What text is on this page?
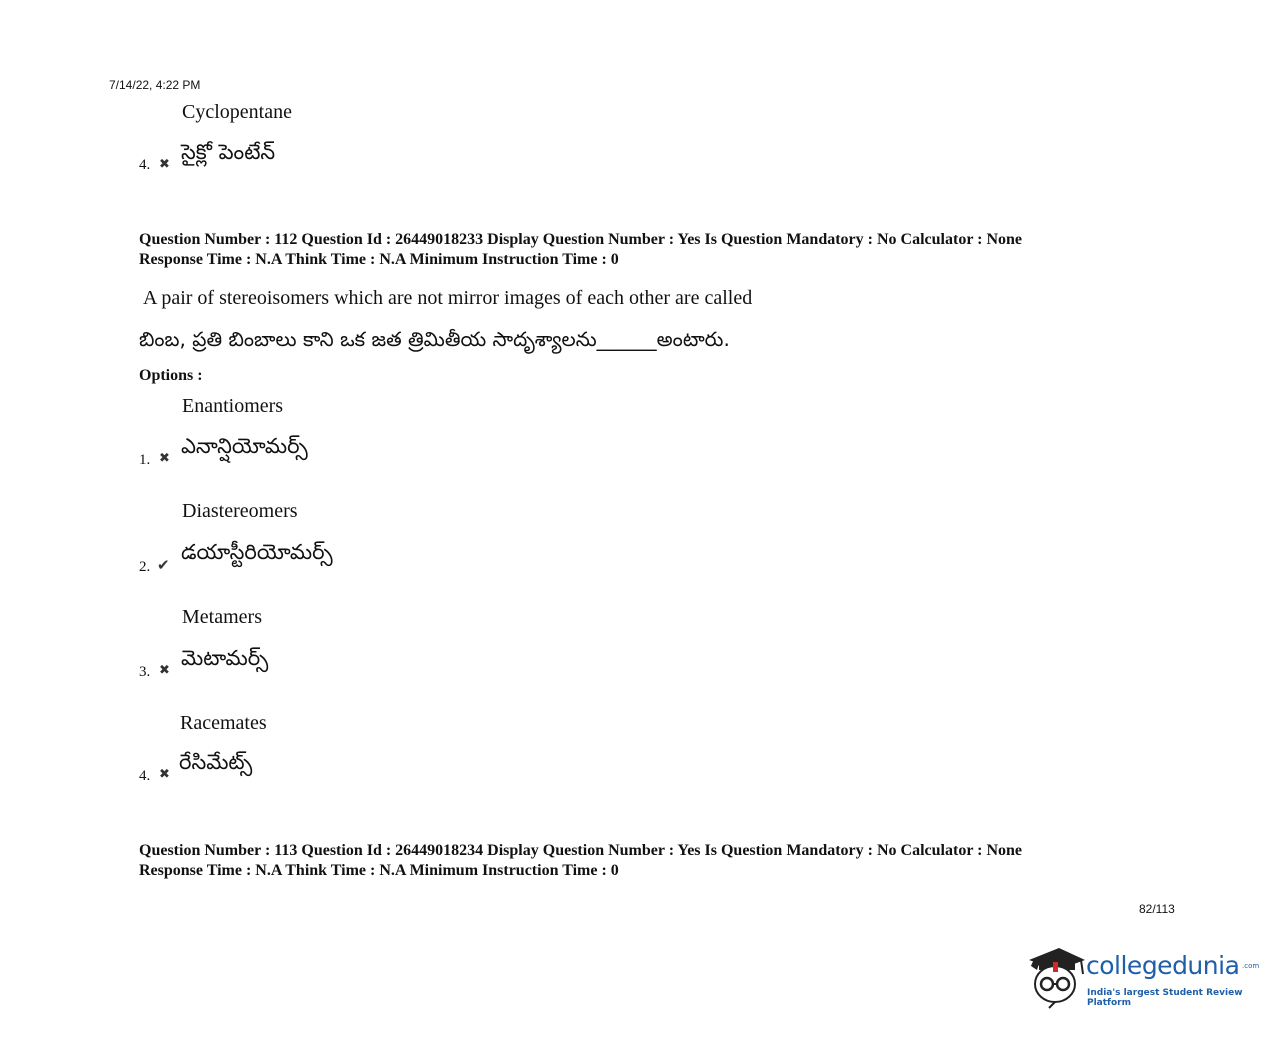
7/14/22, 4:22 PM
Cyclopentane
4. ✖ సైక్లో పెంటేన్
Question Number : 112 Question Id : 26449018233 Display Question Number : Yes Is Question Mandatory : No Calculator : None
Response Time : N.A Think Time : N.A Minimum Instruction Time : 0
A pair of stereoisomers which are not mirror images of each other are called
బింబ, ప్రతి బింబాలు కాని ఒక జత త్రిమితీయ సాదృశ్యాలను______అంటారు.
Options :
Enantiomers
1. ✖ ఎనాన్షియోమర్స్
Diastereomers
2. ✔
డయాస్టీరియోమర్స్
Metamers
3. ✖ మెటామర్స్
Racemates
4. ✖ రేసిమేట్స్
Question Number : 113 Question Id : 26449018234 Display Question Number : Yes Is Question Mandatory : No Calculator : None
Response Time : N.A Think Time : N.A Minimum Instruction Time : 0
82/113
collegedunia .com
India's largest Student Review Platform
